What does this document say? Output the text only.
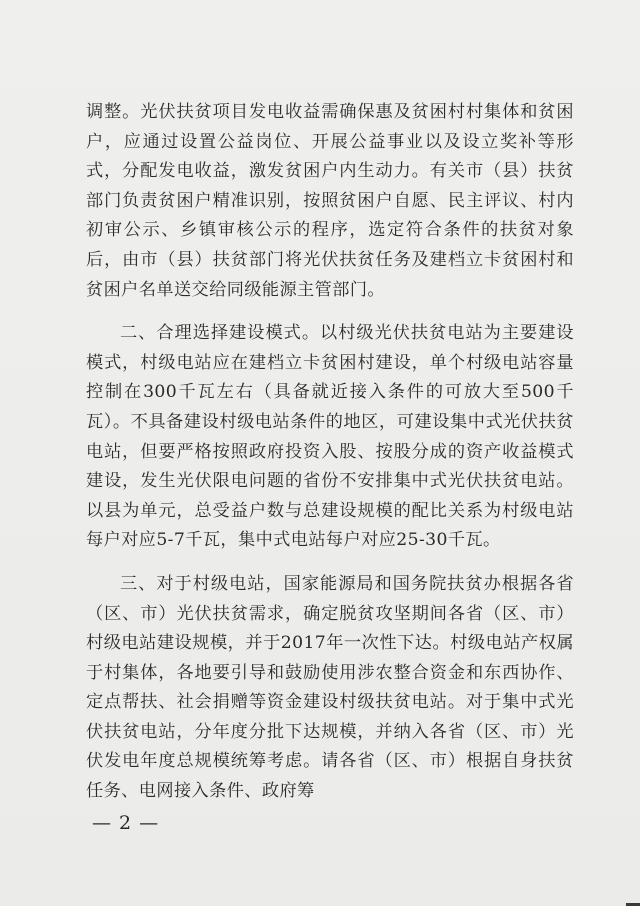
调整。光伏扶贫项目发电收益需确保惠及贫困村村集体和贫困户，应通过设置公益岗位、开展公益事业以及设立奖补等形式，分配发电收益，激发贫困户内生动力。有关市（县）扶贫部门负责贫困户精准识别，按照贫困户自愿、民主评议、村内初审公示、乡镇审核公示的程序，选定符合条件的扶贫对象后，由市（县）扶贫部门将光伏扶贫任务及建档立卡贫困村和贫困户名单送交给同级能源主管部门。

二、合理选择建设模式。以村级光伏扶贫电站为主要建设模式，村级电站应在建档立卡贫困村建设，单个村级电站容量控制在300千瓦左右（具备就近接入条件的可放大至500千瓦）。不具备建设村级电站条件的地区，可建设集中式光伏扶贫电站，但要严格按照政府投资入股、按股分成的资产收益模式建设，发生光伏限电问题的省份不安排集中式光伏扶贫电站。以县为单元，总受益户数与总建设规模的配比关系为村级电站每户对应5-7千瓦，集中式电站每户对应25-30千瓦。

三、对于村级电站，国家能源局和国务院扶贫办根据各省（区、市）光伏扶贫需求，确定脱贫攻坚期间各省（区、市）村级电站建设规模，并于2017年一次性下达。村级电站产权属于村集体，各地要引导和鼓励使用涉农整合资金和东西协作、定点帮扶、社会捐赠等资金建设村级扶贫电站。对于集中式光伏扶贫电站，分年度分批下达规模，并纳入各省（区、市）光伏发电年度总规模统筹考虑。请各省（区、市）根据自身扶贫任务、电网接入条件、政府筹

— 2 —
